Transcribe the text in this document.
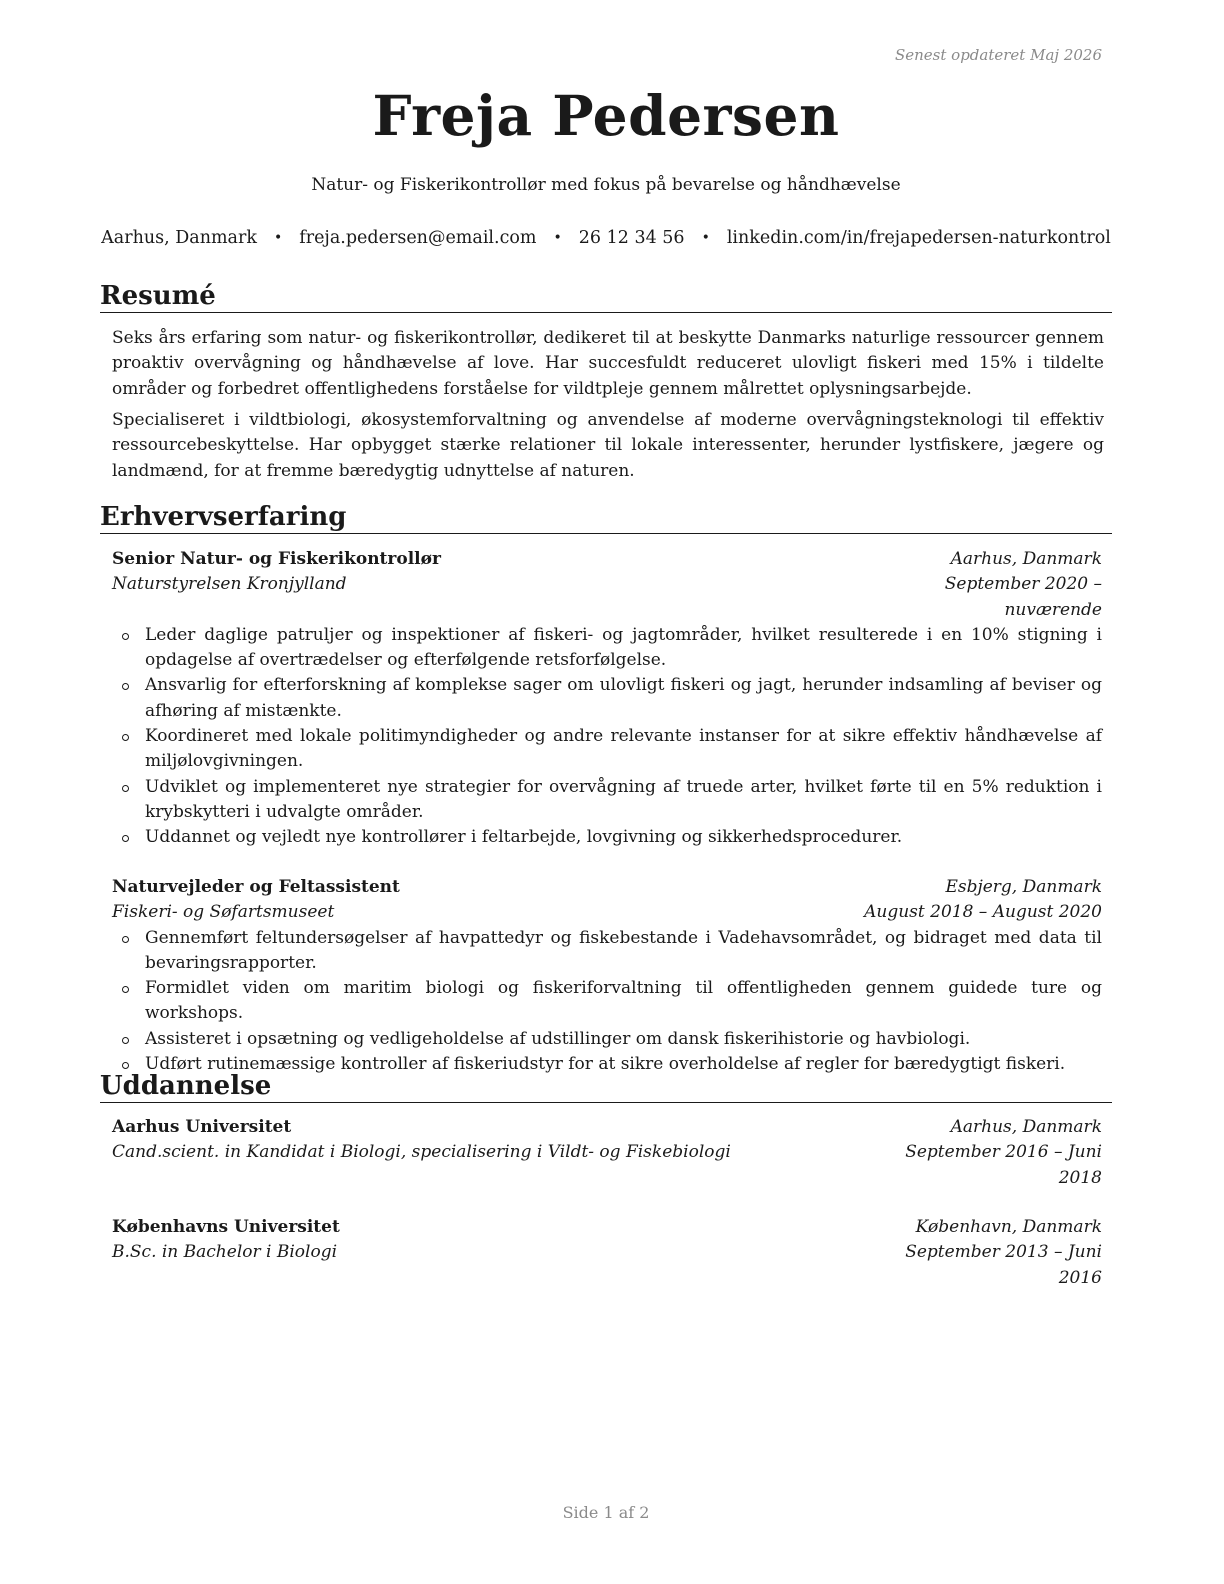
Senest opdateret Maj 2026
Freja Pedersen
Natur- og Fiskerikontrollør med fokus på bevarelse og håndhævelse
Aarhus, Danmark • freja.pedersen@email.com • 26 12 34 56 • linkedin.com/in/frejapedersen-naturkontrol
Resumé
Seks års erfaring som natur- og fiskerikontrollør, dedikeret til at beskytte Danmarks naturlige ressourcer gennem proaktiv overvågning og håndhævelse af love. Har succesfuldt reduceret ulovligt fiskeri med 15% i tildelte områder og forbedret offentlighedens forståelse for vildtpleje gennem målrettet oplysningsarbejde.
Specialiseret i vildtbiologi, økosystemforvaltning og anvendelse af moderne overvågningsteknologi til effektiv ressourcebeskyttelse. Har opbygget stærke relationer til lokale interessenter, herunder lystfiskere, jægere og landmænd, for at fremme bæredygtig udnyttelse af naturen.
Erhvervserfaring
Senior Natur- og Fiskerikontrollør	Aarhus, Danmark
Naturstyrelsen Kronjylland	September 2020 – nuværende
Leder daglige patruljer og inspektioner af fiskeri- og jagtområder, hvilket resulterede i en 10% stigning i opdagelse af overtrædelser og efterfølgende retsforfølgelse.
Ansvarlig for efterforskning af komplekse sager om ulovligt fiskeri og jagt, herunder indsamling af beviser og afhøring af mistænkte.
Koordineret med lokale politimyndigheder og andre relevante instanser for at sikre effektiv håndhævelse af miljølovgivningen.
Udviklet og implementeret nye strategier for overvågning af truede arter, hvilket førte til en 5% reduktion i krybskytteri i udvalgte områder.
Uddannet og vejledt nye kontrollører i feltarbejde, lovgivning og sikkerhedsprocedurer.
Naturvejleder og Feltassistent	Esbjerg, Danmark
Fiskeri- og Søfartsmuseet	August 2018 – August 2020
Gennemført feltundersøgelser af havpattedyr og fiskebestande i Vadehavsområdet, og bidraget med data til bevaringsrapporter.
Formidlet viden om maritim biologi og fiskeriforvaltning til offentligheden gennem guidede ture og workshops.
Assisteret i opsætning og vedligeholdelse af udstillinger om dansk fiskerihistorie og havbiologi.
Udført rutinemæssige kontroller af fiskeriudstyr for at sikre overholdelse af regler for bæredygtigt fiskeri.
Uddannelse
Aarhus Universitet	Aarhus, Danmark
Cand.scient. in Kandidat i Biologi, specialisering i Vildt- og Fiskebiologi	September 2016 – Juni 2018
Københavns Universitet	København, Danmark
B.Sc. in Bachelor i Biologi	September 2013 – Juni 2016
Side 1 af 2
